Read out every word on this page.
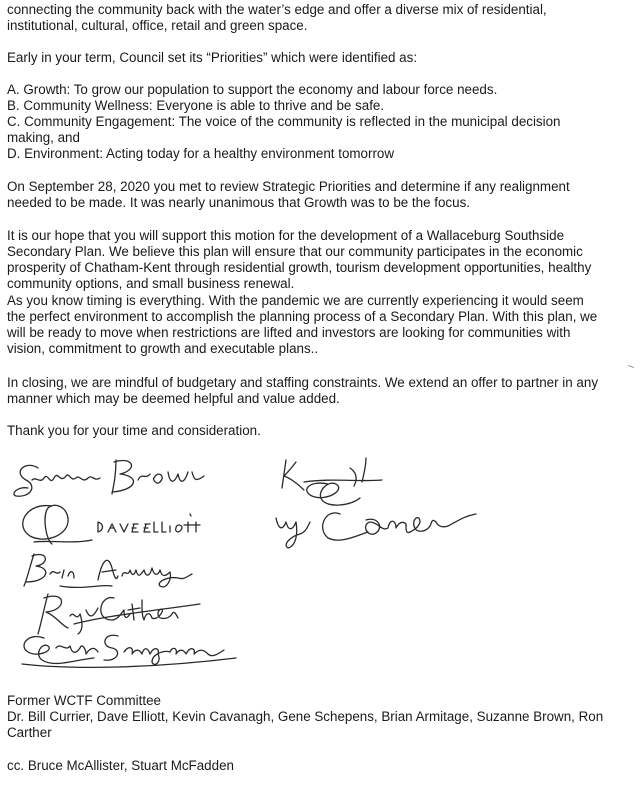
connecting the community back with the water’s edge and offer a diverse mix of residential,
institutional, cultural, office, retail and green space.

Early in your term, Council set its “Priorities” which were identified as:

A. Growth: To grow our population to support the economy and labour force needs.

B. Community Wellness: Everyone is able to thrive and be safe.

C. Community Engagement: The voice of the community is reflected in the municipal decision
making, and

D. Environment: Acting today for a healthy environment tomorrow

On September 28, 2020 you met to review Strategic Priorities and determine if any realignment
needed to be made. It was nearly unanimous that Growth was to be the focus.

It is our hope that you will support this motion for the development of a Wallaceburg Southside
Secondary Plan. We believe this plan will ensure that our community participates in the economic
prosperity of Chatham-Kent through residential growth, tourism development opportunities, healthy
community options, and small business renewal.

As you know timing is everything. With the pandemic we are currently experiencing it would seem
the perfect environment to accomplish the planning process of a Secondary Plan. With this plan, we
will be ready to move when restrictions are lifted and investors are looking for communities with
vision, commitment to growth and executable plans..

In closing, we are mindful of budgetary and staffing constraints. We extend an offer to partner in any
manner which may be deemed helpful and value added.

Thank you for your time and consideration.

Former WCTF Committee

Dr. Bill Currier, Dave Elliott, Kevin Cavanagh, Gene Schepens, Brian Armitage, Suzanne Brown, Ron
Carther

cc. Bruce McAllister, Stuart McFadden
